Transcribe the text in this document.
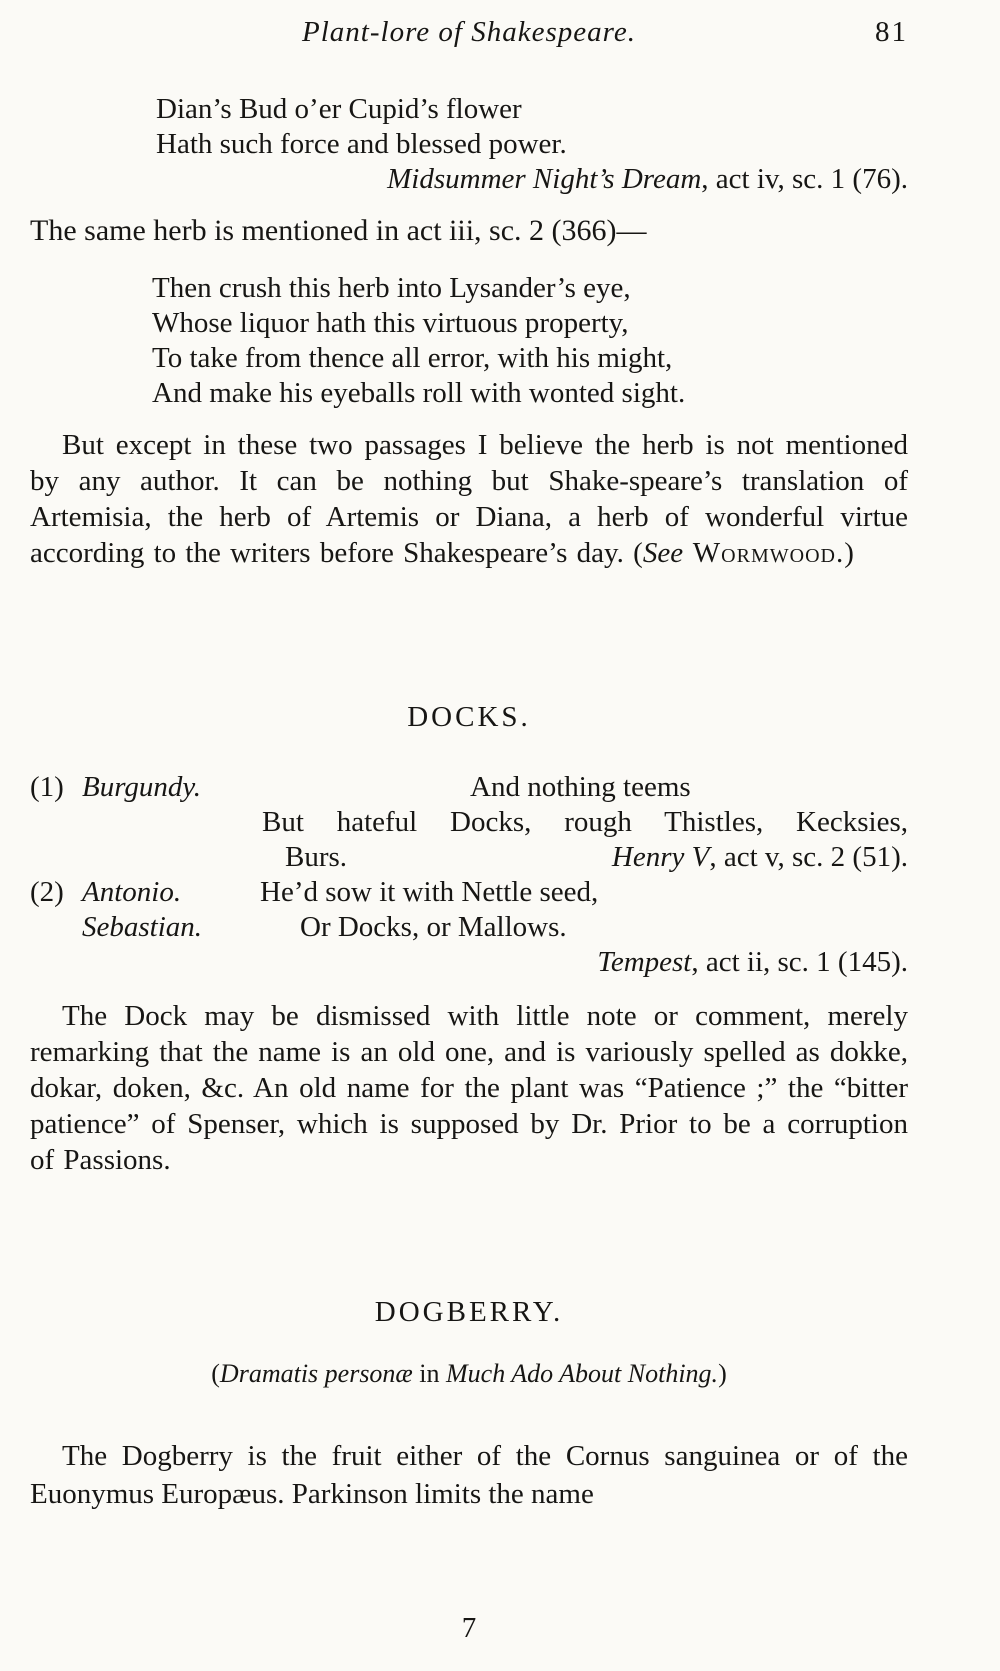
Plant-lore of Shakespeare.	81
Dian’s Bud o’er Cupid’s flower
Hath such force and blessed power.
Midsummer Night’s Dream, act iv, sc. 1 (76).

The same herb is mentioned in act iii, sc. 2 (366)—

Then crush this herb into Lysander’s eye,
Whose liquor hath this virtuous property,
To take from thence all error, with his might,
And make his eyeballs roll with wonted sight.

But except in these two passages I believe the herb is not mentioned by any author. It can be nothing but Shake-speare’s translation of Artemisia, the herb of Artemis or Diana, a herb of wonderful virtue according to the writers before Shakespeare’s day. (See Wormwood.)

DOCKS.
(1) Burgundy.	And nothing teems
But hateful Docks, rough Thistles, Kecksies,
Burs.	Henry V, act v, sc. 2 (51).
(2) Antonio.	He’d sow it with Nettle seed,
Sebastian.	Or Docks, or Mallows.
Tempest, act ii, sc. 1 (145).

The Dock may be dismissed with little note or comment, merely remarking that the name is an old one, and is variously spelled as dokke, dokar, doken, &c. An old name for the plant was “Patience ;” the “bitter patience” of Spenser, which is supposed by Dr. Prior to be a corruption of Passions.

DOGBERRY.
(Dramatis personæ in Much Ado About Nothing.)

The Dogberry is the fruit either of the Cornus sanguinea or of the Euonymus Europæus. Parkinson limits the name

7
